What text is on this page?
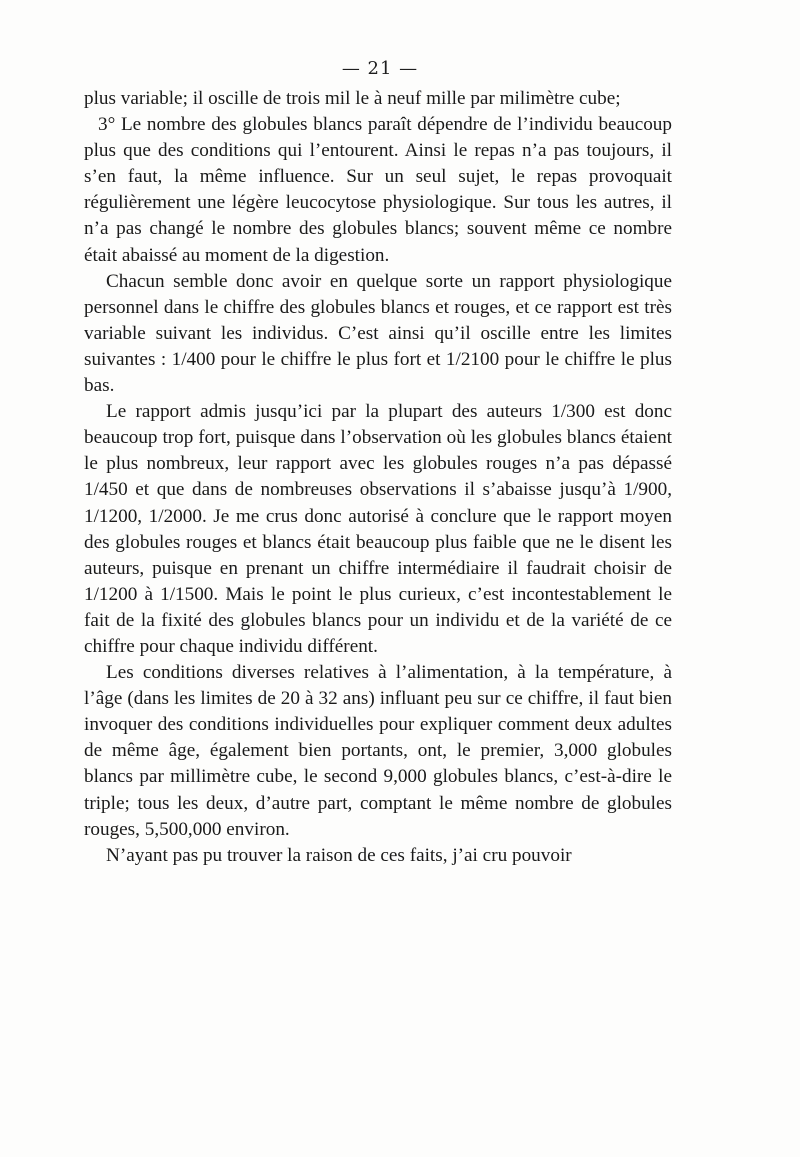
— 21 —

plus variable; il oscille de trois mil le à neuf mille par milimètre cube;

3° Le nombre des globules blancs paraît dépendre de l’individu beaucoup plus que des conditions qui l’entourent. Ainsi le repas n’a pas toujours, il s’en faut, la même influence. Sur un seul sujet, le repas provoquait régulièrement une légère leucocytose physiologique. Sur tous les autres, il n’a pas changé le nombre des globules blancs; souvent même ce nombre était abaissé au moment de la digestion.

Chacun semble donc avoir en quelque sorte un rapport physiologique personnel dans le chiffre des globules blancs et rouges, et ce rapport est très variable suivant les individus. C’est ainsi qu’il oscille entre les limites suivantes : 1/400 pour le chiffre le plus fort et 1/2100 pour le chiffre le plus bas.

Le rapport admis jusqu’ici par la plupart des auteurs 1/300 est donc beaucoup trop fort, puisque dans l’observation où les globules blancs étaient le plus nombreux, leur rapport avec les globules rouges n’a pas dépassé 1/450 et que dans de nombreuses observations il s’abaisse jusqu’à 1/900, 1/1200, 1/2000. Je me crus donc autorisé à conclure que le rapport moyen des globules rouges et blancs était beaucoup plus faible que ne le disent les auteurs, puisque en prenant un chiffre intermédiaire il faudrait choisir de 1/1200 à 1/1500. Mais le point le plus curieux, c’est incontestablement le fait de la fixité des globules blancs pour un individu et de la variété de ce chiffre pour chaque individu différent.

Les conditions diverses relatives à l’alimentation, à la température, à l’âge (dans les limites de 20 à 32 ans) influant peu sur ce chiffre, il faut bien invoquer des conditions individuelles pour expliquer comment deux adultes de même âge, également bien portants, ont, le premier, 3,000 globules blancs par millimètre cube, le second 9,000 globules blancs, c’est-à-dire le triple; tous les deux, d’autre part, comptant le même nombre de globules rouges, 5,500,000 environ.

N’ayant pas pu trouver la raison de ces faits, j’ai cru pouvoir
